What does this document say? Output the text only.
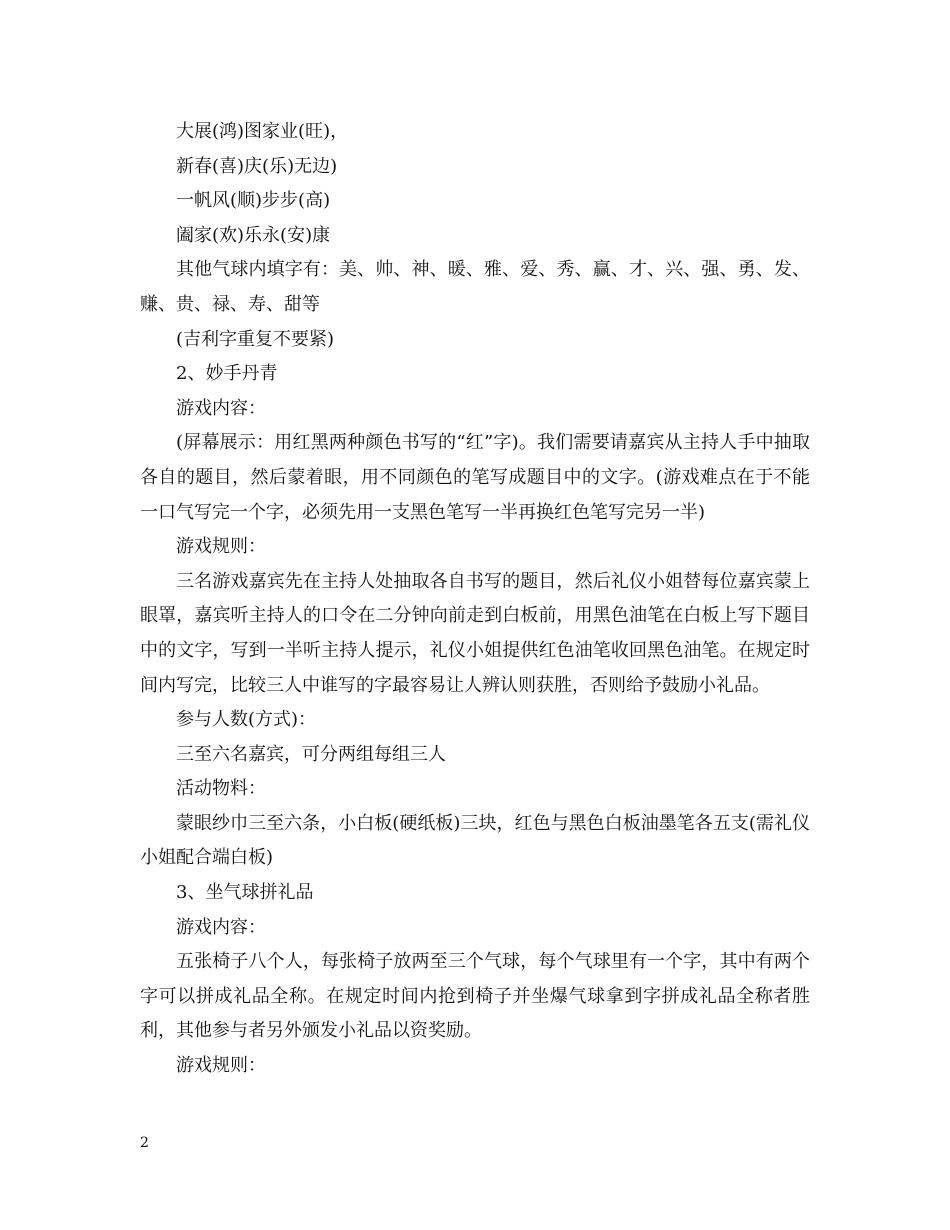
大展(鸿)图家业(旺)，

新春(喜)庆(乐)无边)

一帆风(顺)步步(高)

阖家(欢)乐永(安)康

其他气球内填字有：美、帅、神、暖、雅、爱、秀、赢、才、兴、强、勇、发、赚、贵、禄、寿、甜等

(吉利字重复不要紧)

2、妙手丹青

游戏内容：

(屏幕展示：用红黑两种颜色书写的“红”字)。我们需要请嘉宾从主持人手中抽取各自的题目，然后蒙着眼，用不同颜色的笔写成题目中的文字。(游戏难点在于不能一口气写完一个字，必须先用一支黑色笔写一半再换红色笔写完另一半)

游戏规则：

三名游戏嘉宾先在主持人处抽取各自书写的题目，然后礼仪小姐替每位嘉宾蒙上眼罩，嘉宾听主持人的口令在二分钟向前走到白板前，用黑色油笔在白板上写下题目中的文字，写到一半听主持人提示，礼仪小姐提供红色油笔收回黑色油笔。在规定时间内写完，比较三人中谁写的字最容易让人辨认则获胜，否则给予鼓励小礼品。

参与人数(方式)：

三至六名嘉宾，可分两组每组三人

活动物料：

蒙眼纱巾三至六条，小白板(硬纸板)三块，红色与黑色白板油墨笔各五支(需礼仪小姐配合端白板)

3、坐气球拼礼品

游戏内容：

五张椅子八个人，每张椅子放两至三个气球，每个气球里有一个字，其中有两个字可以拼成礼品全称。在规定时间内抢到椅子并坐爆气球拿到字拼成礼品全称者胜利，其他参与者另外颁发小礼品以资奖励。

游戏规则：

2
